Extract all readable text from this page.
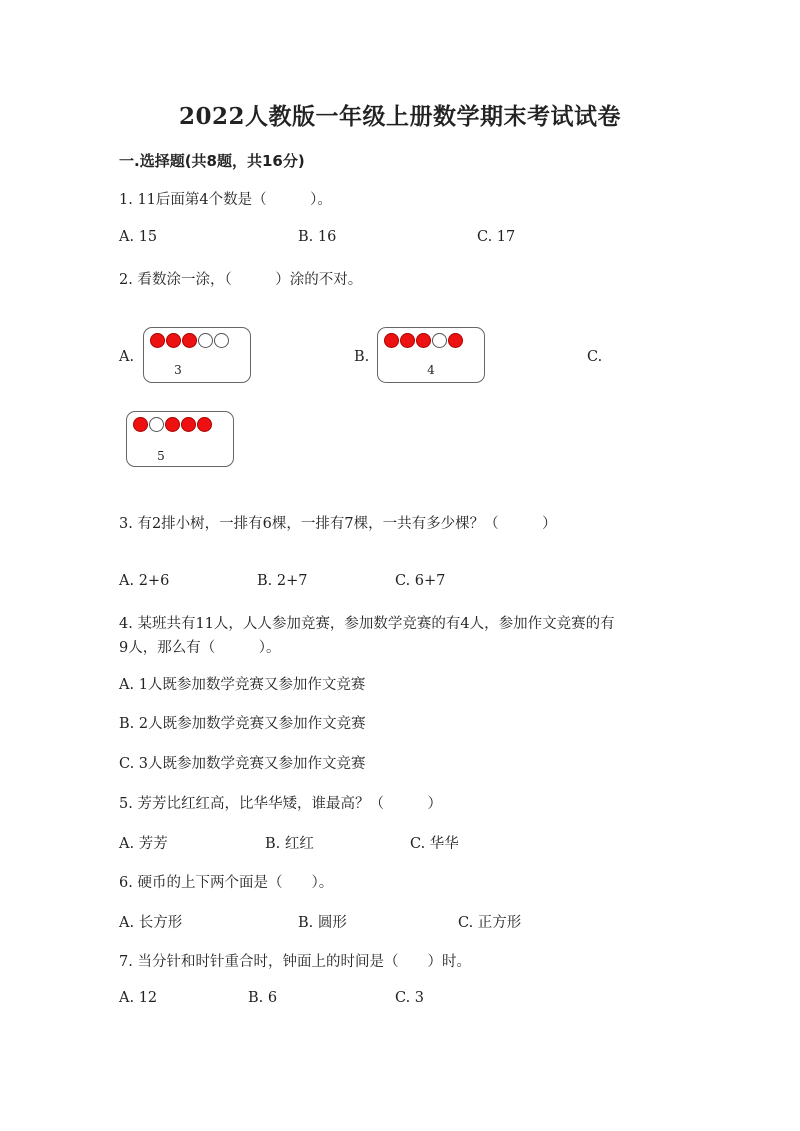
2022人教版一年级上册数学期末考试试卷
一.选择题(共8题，共16分)
1. 11后面第4个数是（　　　）。
A. 15	B. 16	C. 17
2. 看数涂一涂，（　　　）涂的不对。
A.
3
B.
4
C.
5
3. 有2排小树，一排有6棵，一排有7棵，一共有多少棵？（　　　）
A. 2+6	B. 2+7	C. 6+7
4. 某班共有11人，人人参加竞赛，参加数学竞赛的有4人，参加作文竞赛的有
9人，那么有（　　　）。
A. 1人既参加数学竞赛又参加作文竞赛
B. 2人既参加数学竞赛又参加作文竞赛
C. 3人既参加数学竞赛又参加作文竞赛
5. 芳芳比红红高，比华华矮，谁最高？（　　　）
A. 芳芳	B. 红红	C. 华华
6. 硬币的上下两个面是（　　）。
A. 长方形	B. 圆形	C. 正方形
7. 当分针和时针重合时，钟面上的时间是（　　）时。
A. 12	B. 6	C. 3
